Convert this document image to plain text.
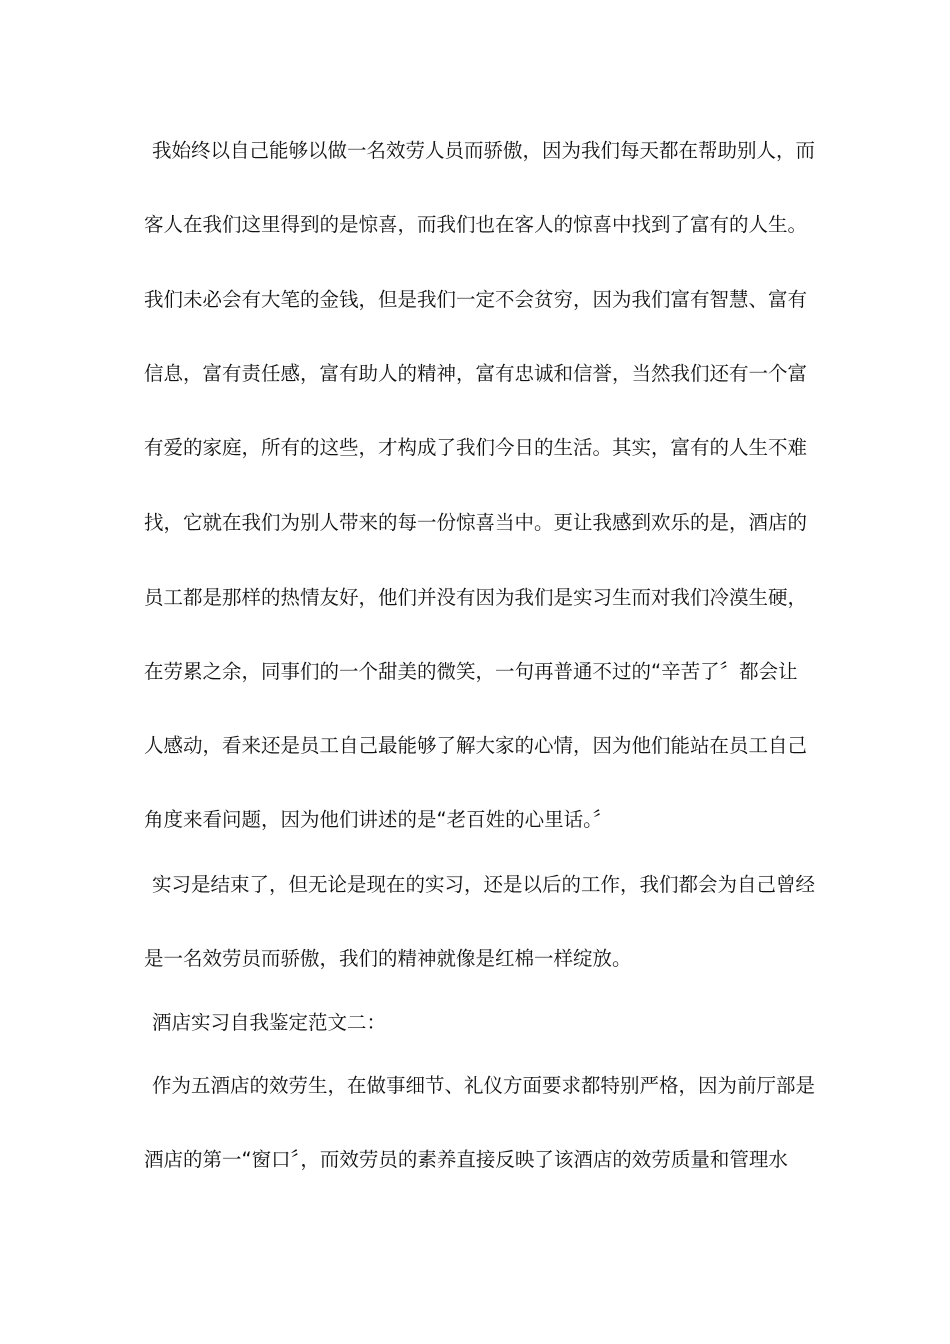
我始终以自己能够以做一名效劳人员而骄傲，因为我们每天都在帮助别人，而
客人在我们这里得到的是惊喜，而我们也在客人的惊喜中找到了富有的人生。
我们未必会有大笔的金钱，但是我们一定不会贫穷，因为我们富有智慧、富有
信息，富有责任感，富有助人的精神，富有忠诚和信誉，当然我们还有一个富
有爱的家庭，所有的这些，才构成了我们今日的生活。其实，富有的人生不难
找，它就在我们为别人带来的每一份惊喜当中。更让我感到欢乐的是，酒店的
员工都是那样的热情友好，他们并没有因为我们是实习生而对我们冷漠生硬，
在劳累之余，同事们的一个甜美的微笑，一句再普通不过的“辛苦了〞都会让
人感动，看来还是员工自己最能够了解大家的心情，因为他们能站在员工自己
角度来看问题，因为他们讲述的是“老百姓的心里话。〞
实习是结束了，但无论是现在的实习，还是以后的工作，我们都会为自己曾经
是一名效劳员而骄傲，我们的精神就像是红棉一样绽放。
酒店实习自我鉴定范文二：
作为五酒店的效劳生，在做事细节、礼仪方面要求都特别严格，因为前厅部是
酒店的第一“窗口〞，而效劳员的素养直接反映了该酒店的效劳质量和管理水
